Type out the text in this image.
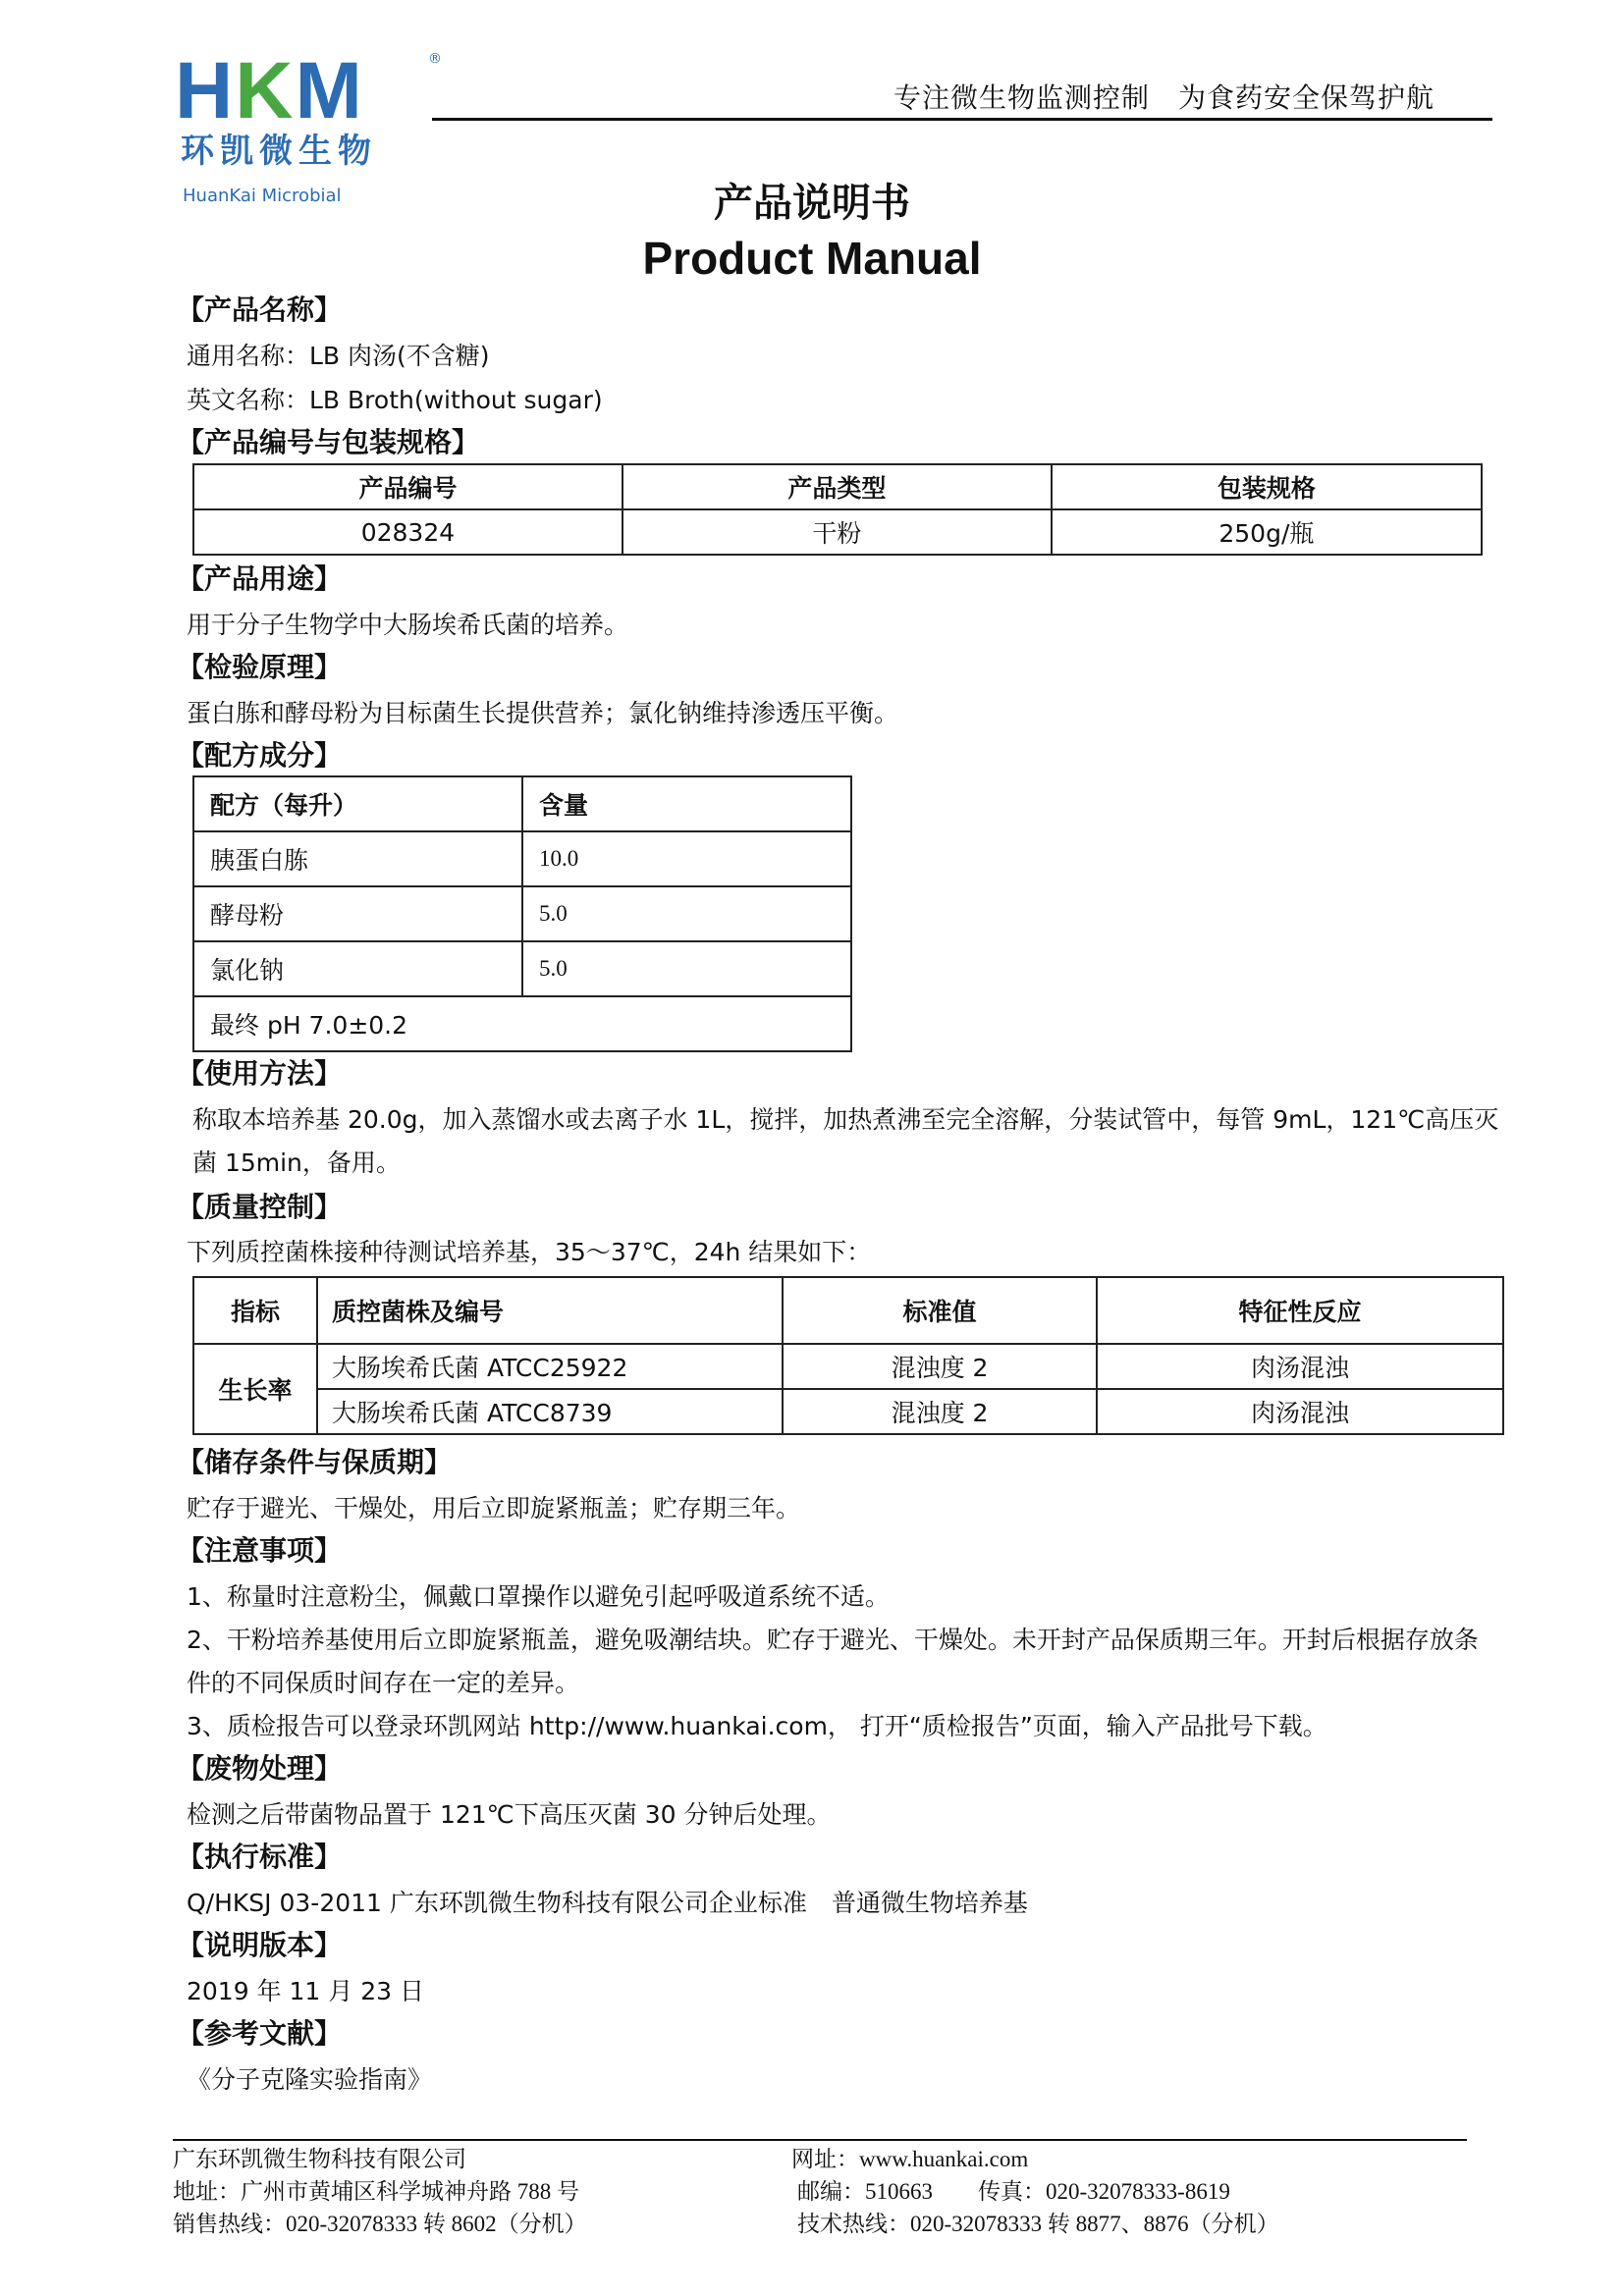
HKM	®
环凯微生物
HuanKai Microbial
专注微生物监测控制　为食药安全保驾护航
产品说明书
Product Manual
【产品名称】
通用名称：LB 肉汤(不含糖)
英文名称：LB Broth(without sugar)
【产品编号与包装规格】
产品编号	产品类型	包装规格
028324	干粉	250g/瓶
【产品用途】
用于分子生物学中大肠埃希氏菌的培养。
【检验原理】
蛋白胨和酵母粉为目标菌生长提供营养；氯化钠维持渗透压平衡。
【配方成分】
配方（每升）	含量
胰蛋白胨	10.0
酵母粉	5.0
氯化钠	5.0
最终 pH 7.0±0.2	
【使用方法】
称取本培养基 20.0g，加入蒸馏水或去离子水 1L，搅拌，加热煮沸至完全溶解，分装试管中，每管 9mL，121℃高压灭
菌 15min，备用。
【质量控制】
下列质控菌株接种待测试培养基，35～37℃，24h 结果如下：
指标	质控菌株及编号	标准值	特征性反应
生长率	大肠埃希氏菌 ATCC25922	混浊度 2	肉汤混浊
	大肠埃希氏菌 ATCC8739	混浊度 2	肉汤混浊
【储存条件与保质期】
贮存于避光、干燥处，用后立即旋紧瓶盖；贮存期三年。
【注意事项】
1、称量时注意粉尘，佩戴口罩操作以避免引起呼吸道系统不适。
2、干粉培养基使用后立即旋紧瓶盖，避免吸潮结块。贮存于避光、干燥处。未开封产品保质期三年。开封后根据存放条
件的不同保质时间存在一定的差异。
3、质检报告可以登录环凯网站 http://www.huankai.com， 打开“质检报告”页面，输入产品批号下载。
【废物处理】
检测之后带菌物品置于 121℃下高压灭菌 30 分钟后处理。
【执行标准】
Q/HKSJ 03-2011 广东环凯微生物科技有限公司企业标准　普通微生物培养基
【说明版本】
2019 年 11 月 23 日
【参考文献】
《分子克隆实验指南》
广东环凯微生物科技有限公司
地址：广州市黄埔区科学城神舟路 788 号
销售热线：020-32078333 转 8602（分机）
网址：www.huankai.com
邮编：510663　　传真：020-32078333-8619
技术热线：020-32078333 转 8877、8876（分机）
